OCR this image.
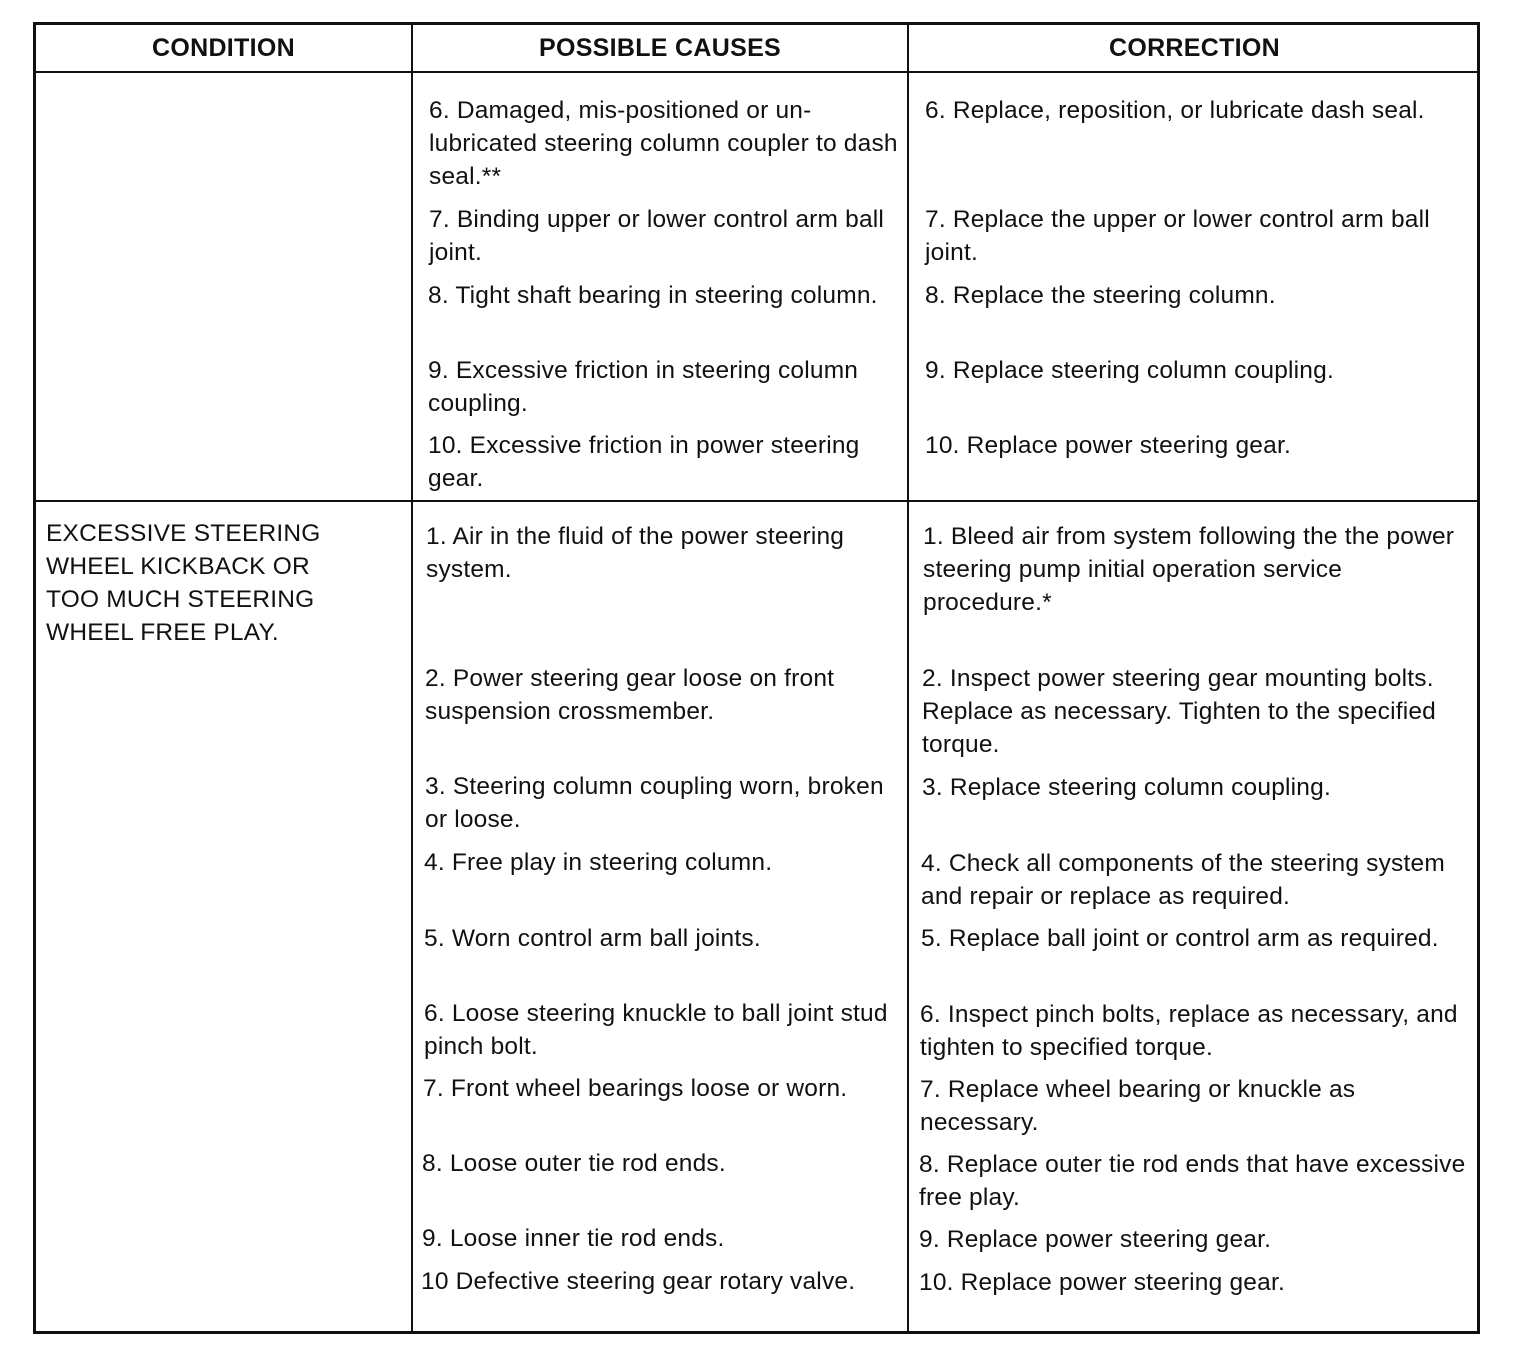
CONDITION	POSSIBLE CAUSES	CORRECTION
6. Damaged, mis-positioned or un-lubricated steering column coupler to dash seal.**
7. Binding upper or lower control arm ball joint.
8. Tight shaft bearing in steering column.
9. Excessive friction in steering column coupling.
10. Excessive friction in power steering gear.
6. Replace, reposition, or lubricate dash seal.
7. Replace the upper or lower control arm ball joint.
8. Replace the steering column.
9. Replace steering column coupling.
10. Replace power steering gear.
EXCESSIVE STEERING WHEEL KICKBACK OR TOO MUCH STEERING WHEEL FREE PLAY.
1. Air in the fluid of the power steering system.
2. Power steering gear loose on front suspension crossmember.
3. Steering column coupling worn, broken or loose.
4. Free play in steering column.
5. Worn control arm ball joints.
6. Loose steering knuckle to ball joint stud pinch bolt.
7. Front wheel bearings loose or worn.
8. Loose outer tie rod ends.
9. Loose inner tie rod ends.
10 Defective steering gear rotary valve.
1. Bleed air from system following the the power steering pump initial operation service procedure.*
2. Inspect power steering gear mounting bolts. Replace as necessary. Tighten to the specified torque.
3. Replace steering column coupling.
4. Check all components of the steering system and repair or replace as required.
5. Replace ball joint or control arm as required.
6. Inspect pinch bolts, replace as necessary, and tighten to specified torque.
7. Replace wheel bearing or knuckle as necessary.
8. Replace outer tie rod ends that have excessive free play.
9. Replace power steering gear.
10. Replace power steering gear.
